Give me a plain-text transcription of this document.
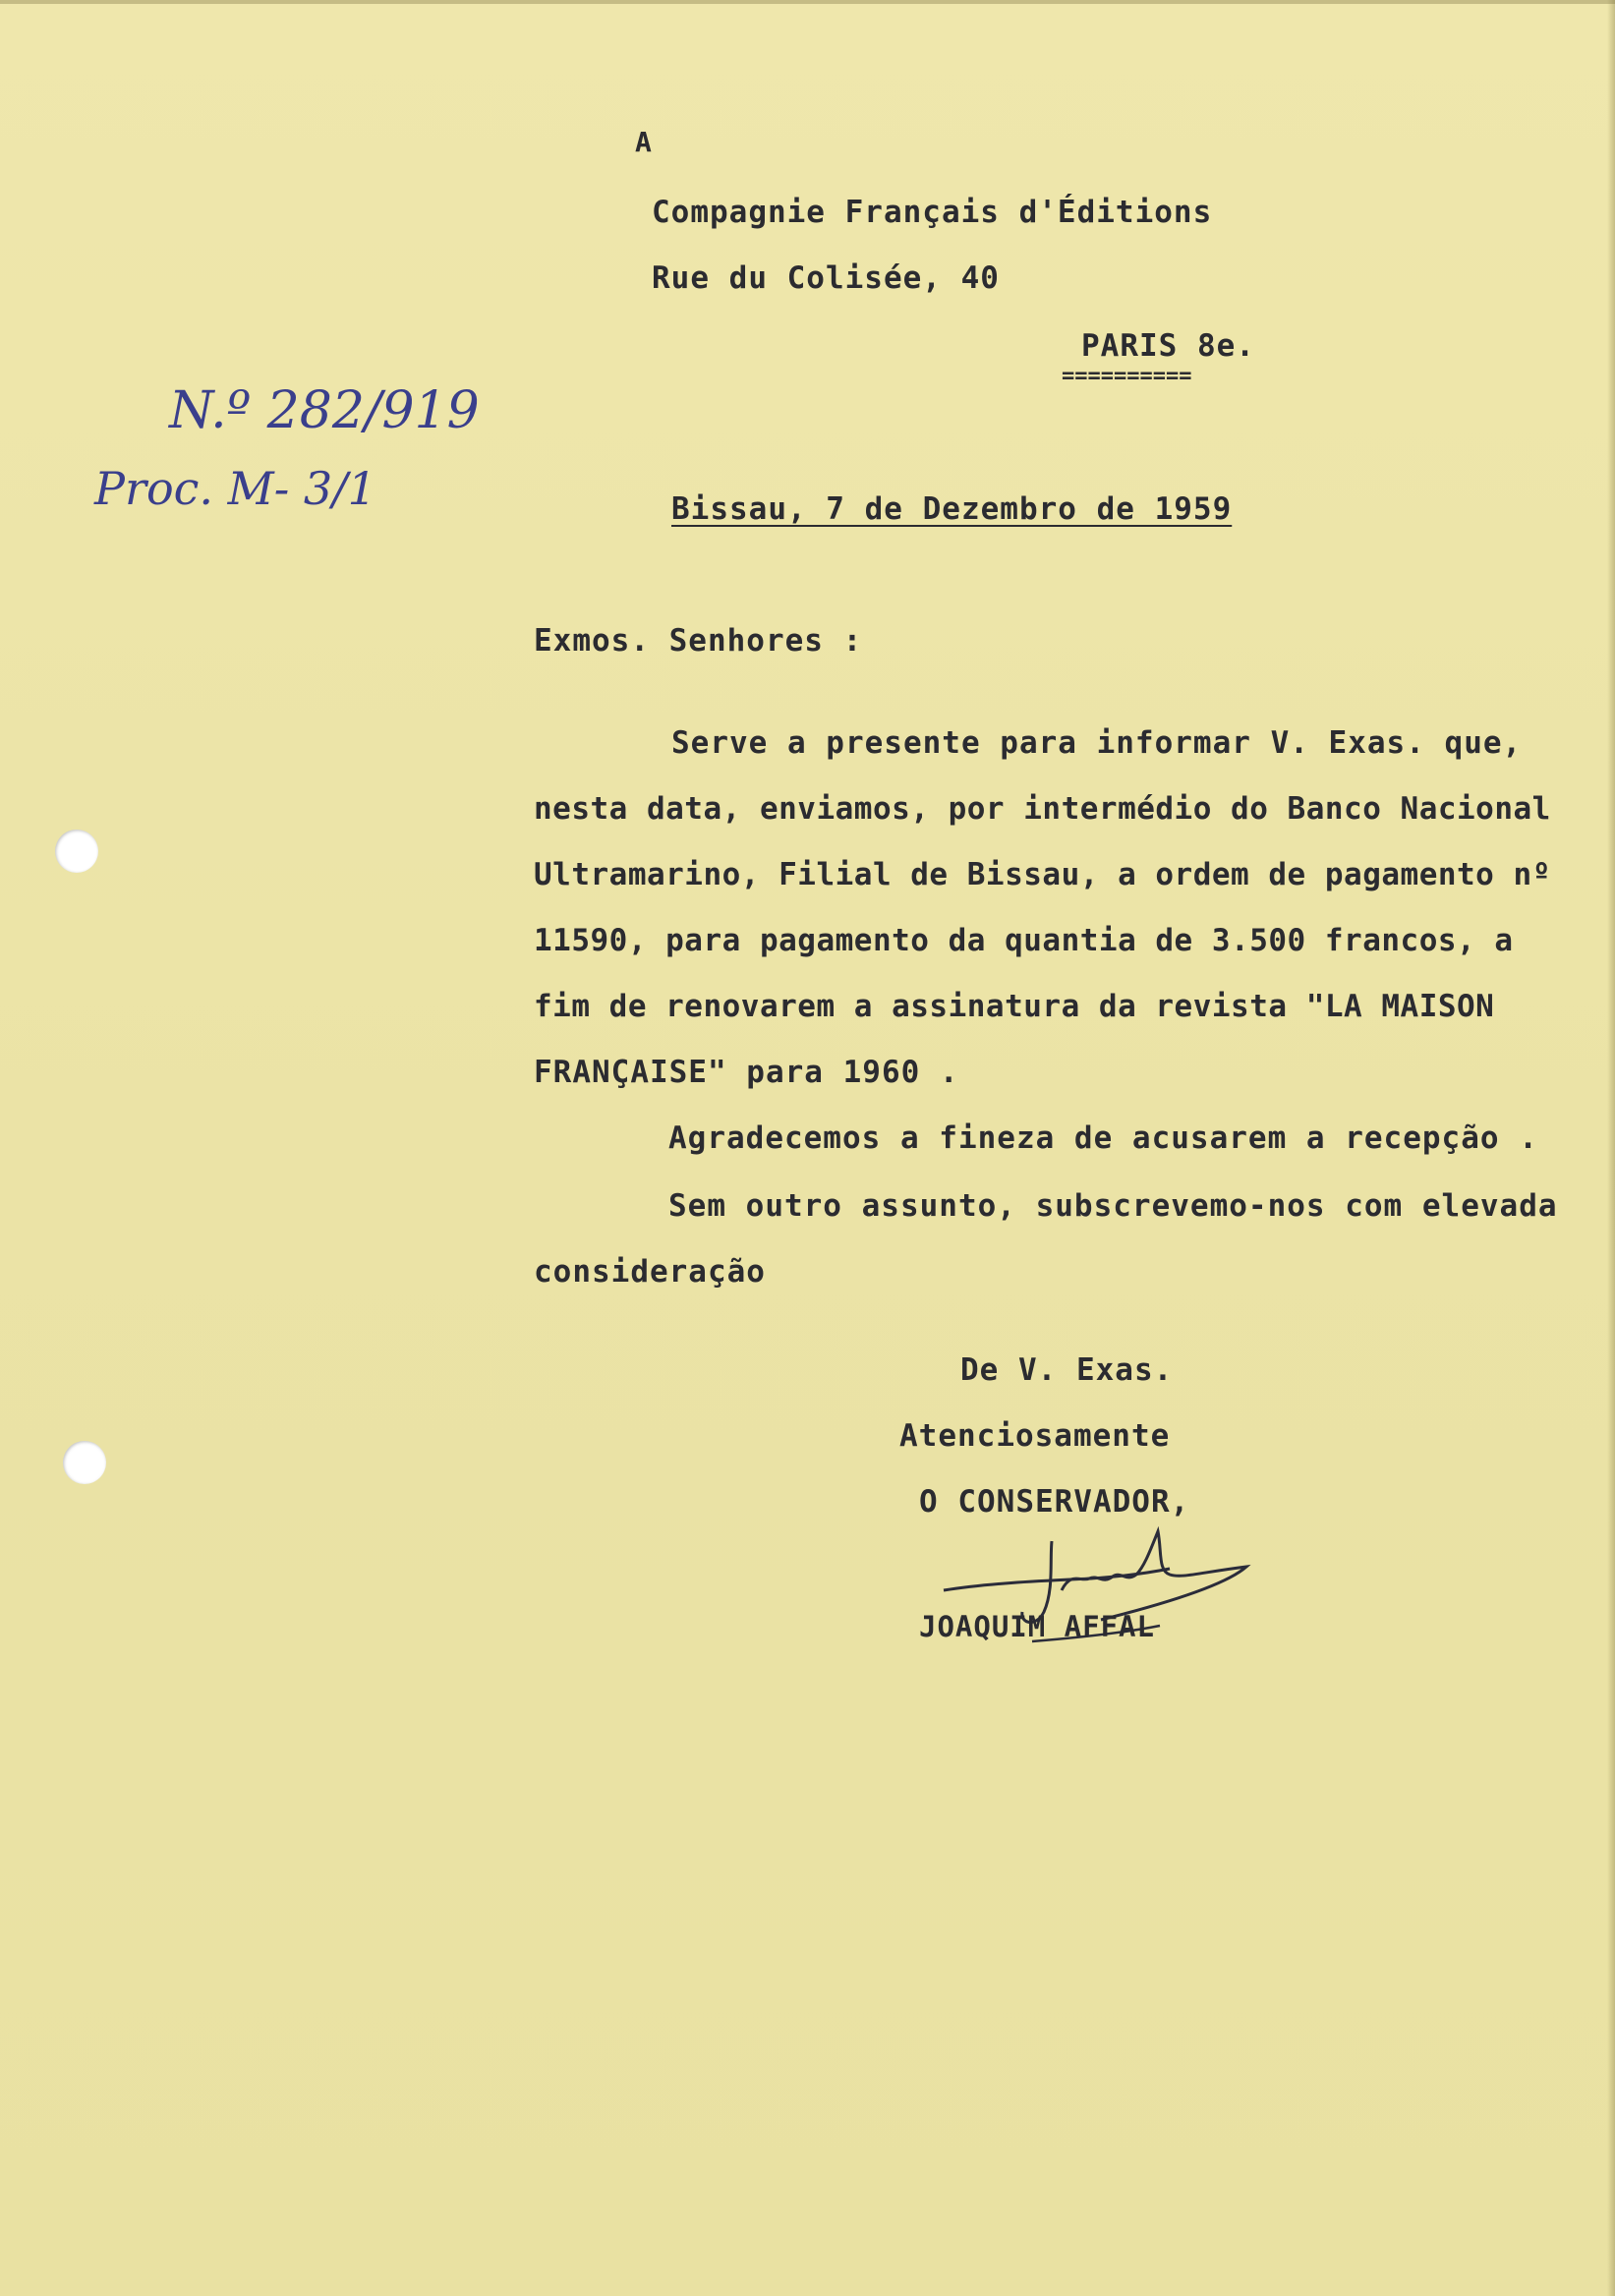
A
Compagnie Français d'Éditions
Rue du Colisée, 40
PARIS 8e.
==========
N.º 282/919
Proc. M- 3/1	Bissau, 7 de Dezembro de 1959
Exmos. Senhores :
Serve a presente para informar V. Exas. que,
nesta data, enviamos, por intermédio do Banco Nacional
Ultramarino, Filial de Bissau, a ordem de pagamento nº
11590, para pagamento da quantia de 3.500 francos, a
fim de renovarem a assinatura da revista "LA MAISON
FRANÇAISE" para 1960 .
Agradecemos a fineza de acusarem a recepção .
Sem outro assunto, subscrevemo-nos com elevada
consideração
De V. Exas.
Atenciosamente
O CONSERVADOR,
JOAQUIM AFFAL
